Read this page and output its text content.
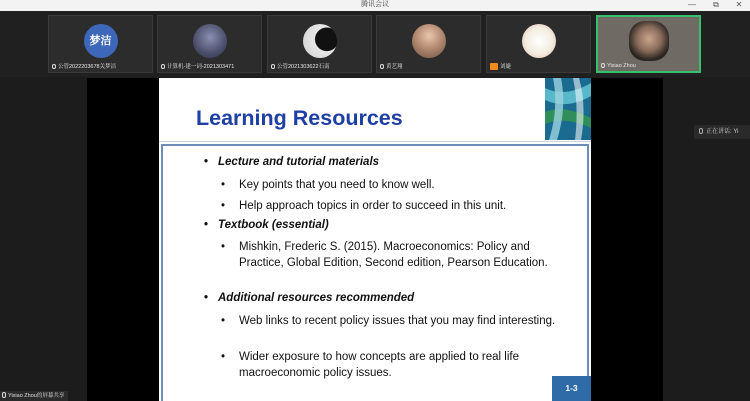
腾讯会议	—	⧉	✕
梦洁
公管2022203678关梦洁	计算机-建一词-2021303471	公管2021303622石南	黄艺翔	刘婕	Yixiao Zhou
Learning Resources
• Lecture and tutorial materials
• Key points that you need to know well.
• Help approach topics in order to succeed in this unit.
• Textbook (essential)
• Mishkin, Frederic S. (2015). Macroeconomics: Policy and Practice, Global Edition, Second edition, Pearson Education.
• Additional resources recommended
• Web links to recent policy issues that you may find interesting.
• Wider exposure to how concepts are applied to real life macroeconomic policy issues.
1-3
正在讲话: Yi
Yixiao Zhou的屏幕共享
